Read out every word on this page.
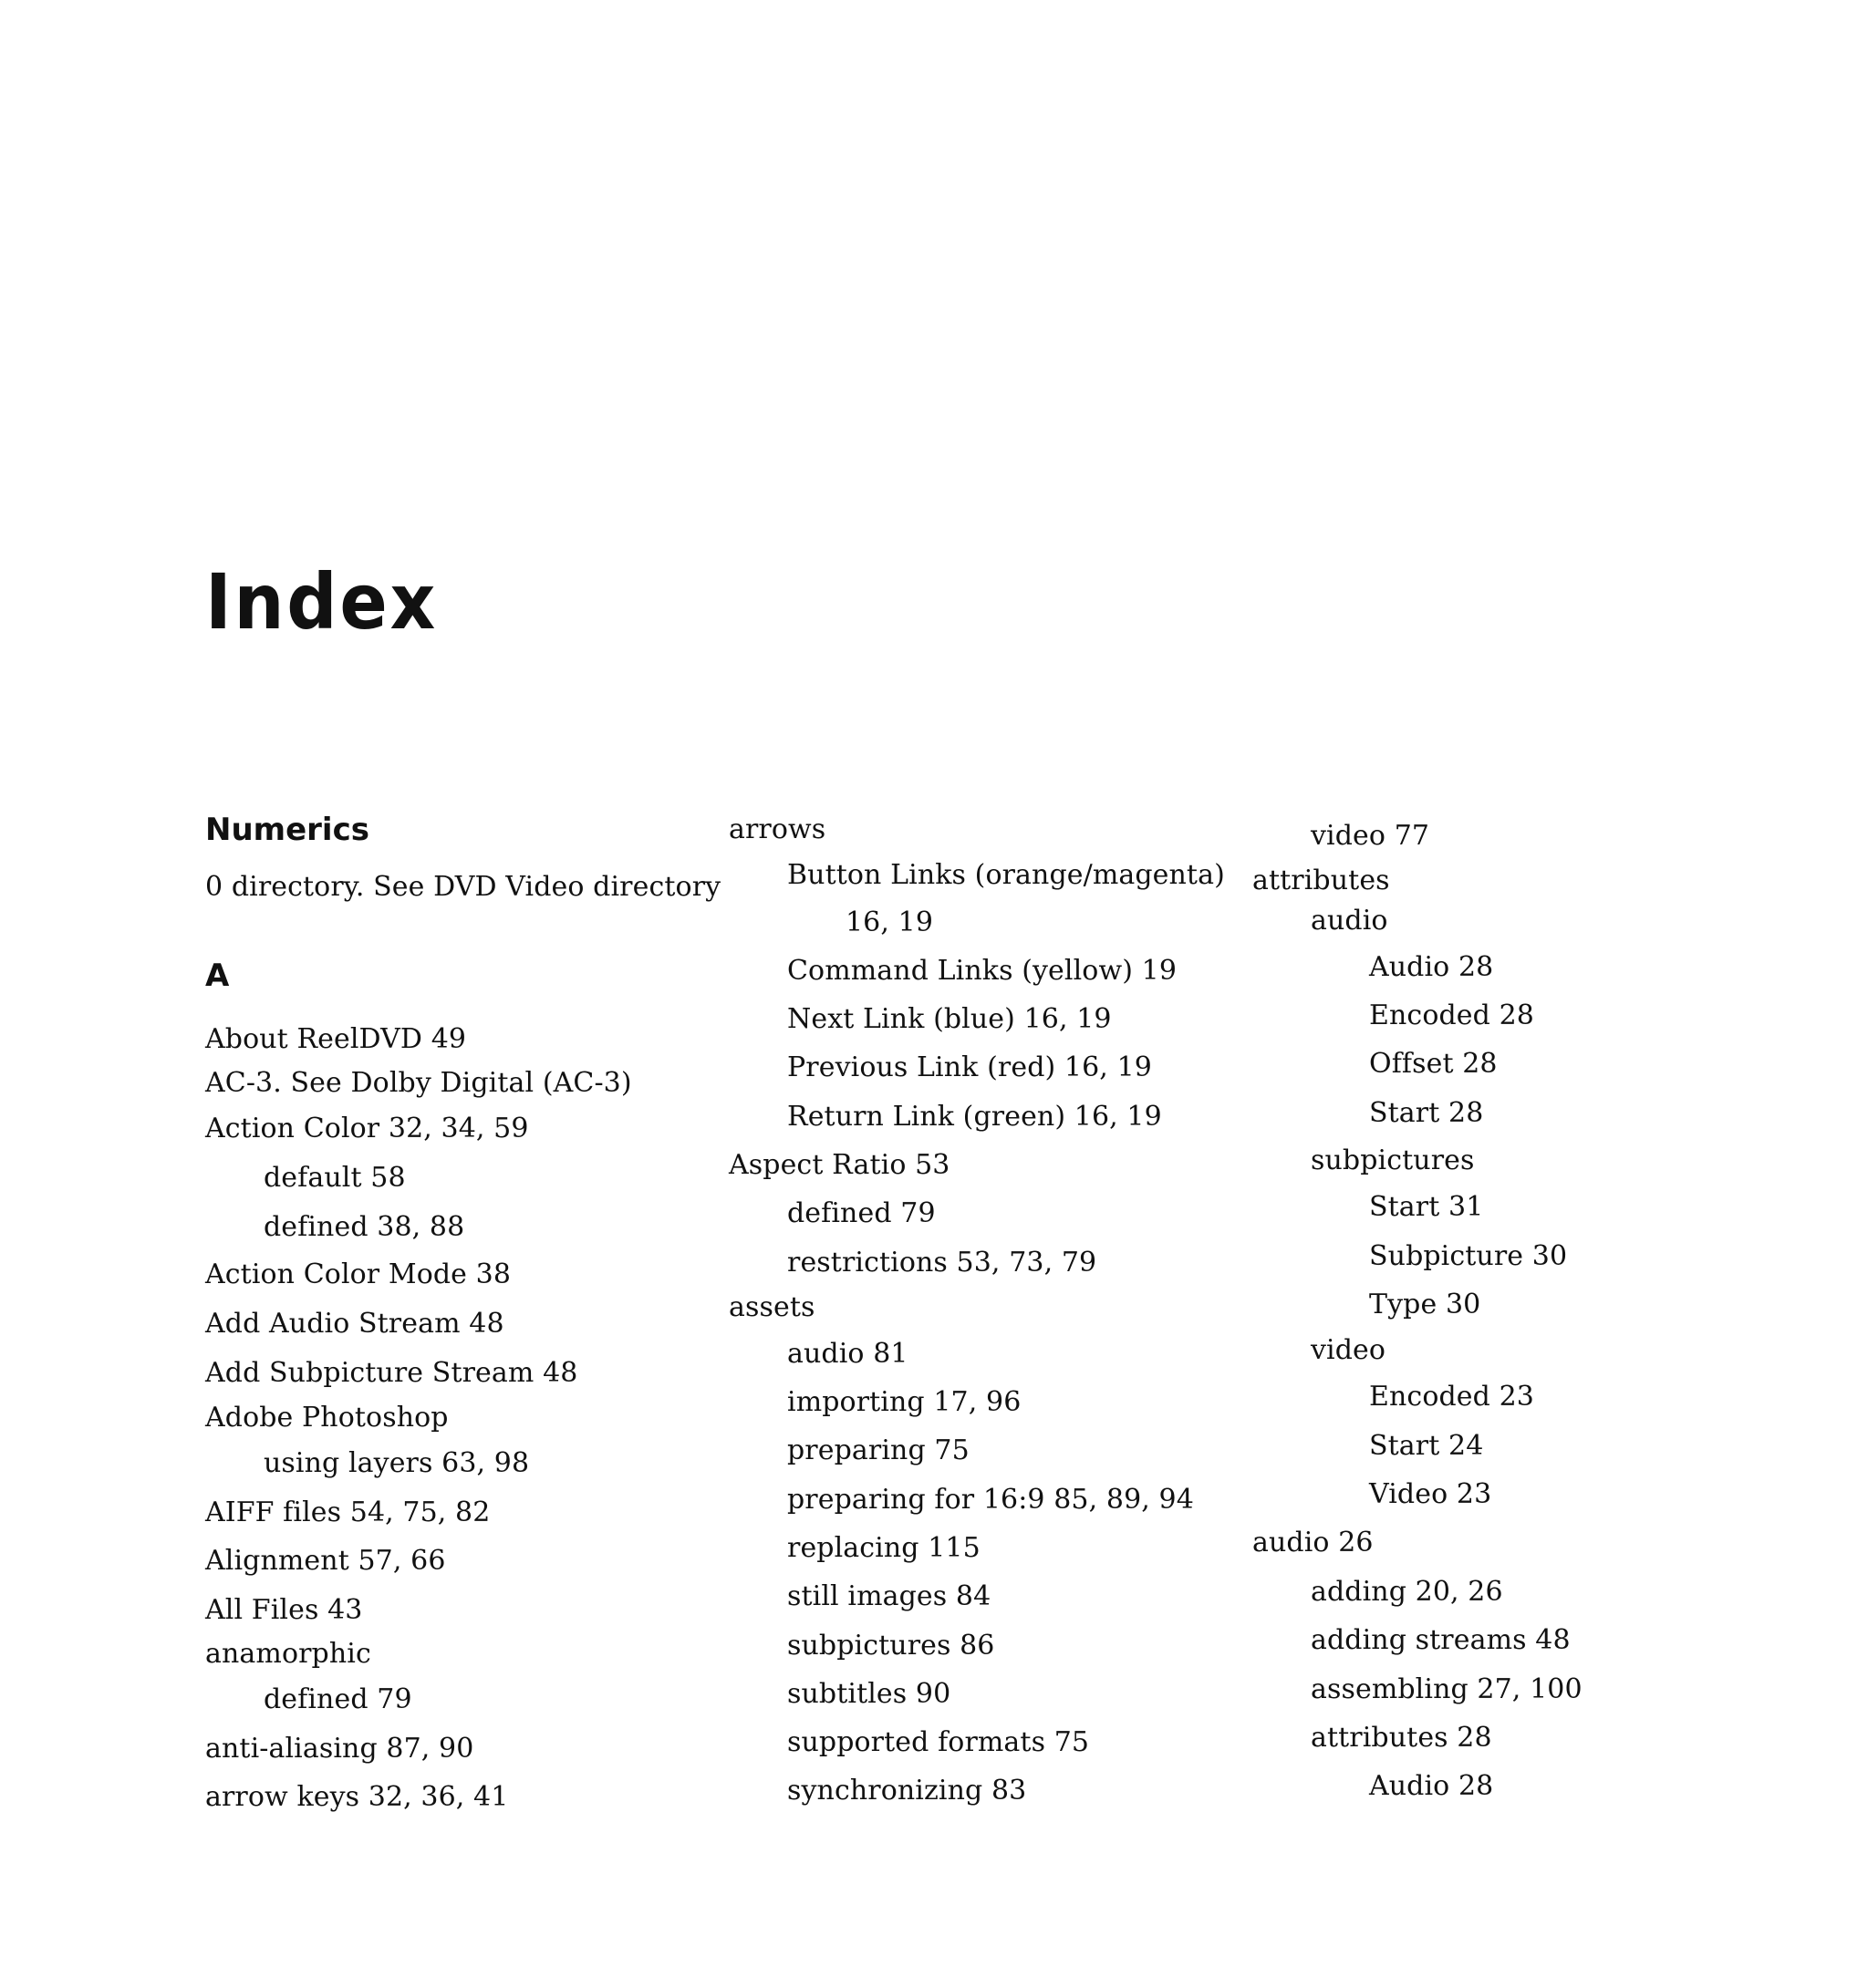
Index
Numerics
0 directory. See DVD Video directory
A
About ReelDVD 49
AC-3. See Dolby Digital (AC-3)
Action Color 32, 34, 59
default 58
defined 38, 88
Action Color Mode 38
Add Audio Stream 48
Add Subpicture Stream 48
Adobe Photoshop
using layers 63, 98
AIFF files 54, 75, 82
Alignment 57, 66
All Files 43
anamorphic
defined 79
anti-aliasing 87, 90
arrow keys 32, 36, 41
arrows
Button Links (orange/magenta)
16, 19
Command Links (yellow) 19
Next Link (blue) 16, 19
Previous Link (red) 16, 19
Return Link (green) 16, 19
Aspect Ratio 53
defined 79
restrictions 53, 73, 79
assets
audio 81
importing 17, 96
preparing 75
preparing for 16:9 85, 89, 94
replacing 115
still images 84
subpictures 86
subtitles 90
supported formats 75
synchronizing 83
video 77
attributes
audio
Audio 28
Encoded 28
Offset 28
Start 28
subpictures
Start 31
Subpicture 30
Type 30
video
Encoded 23
Start 24
Video 23
audio 26
adding 20, 26
adding streams 48
assembling 27, 100
attributes 28
Audio 28
